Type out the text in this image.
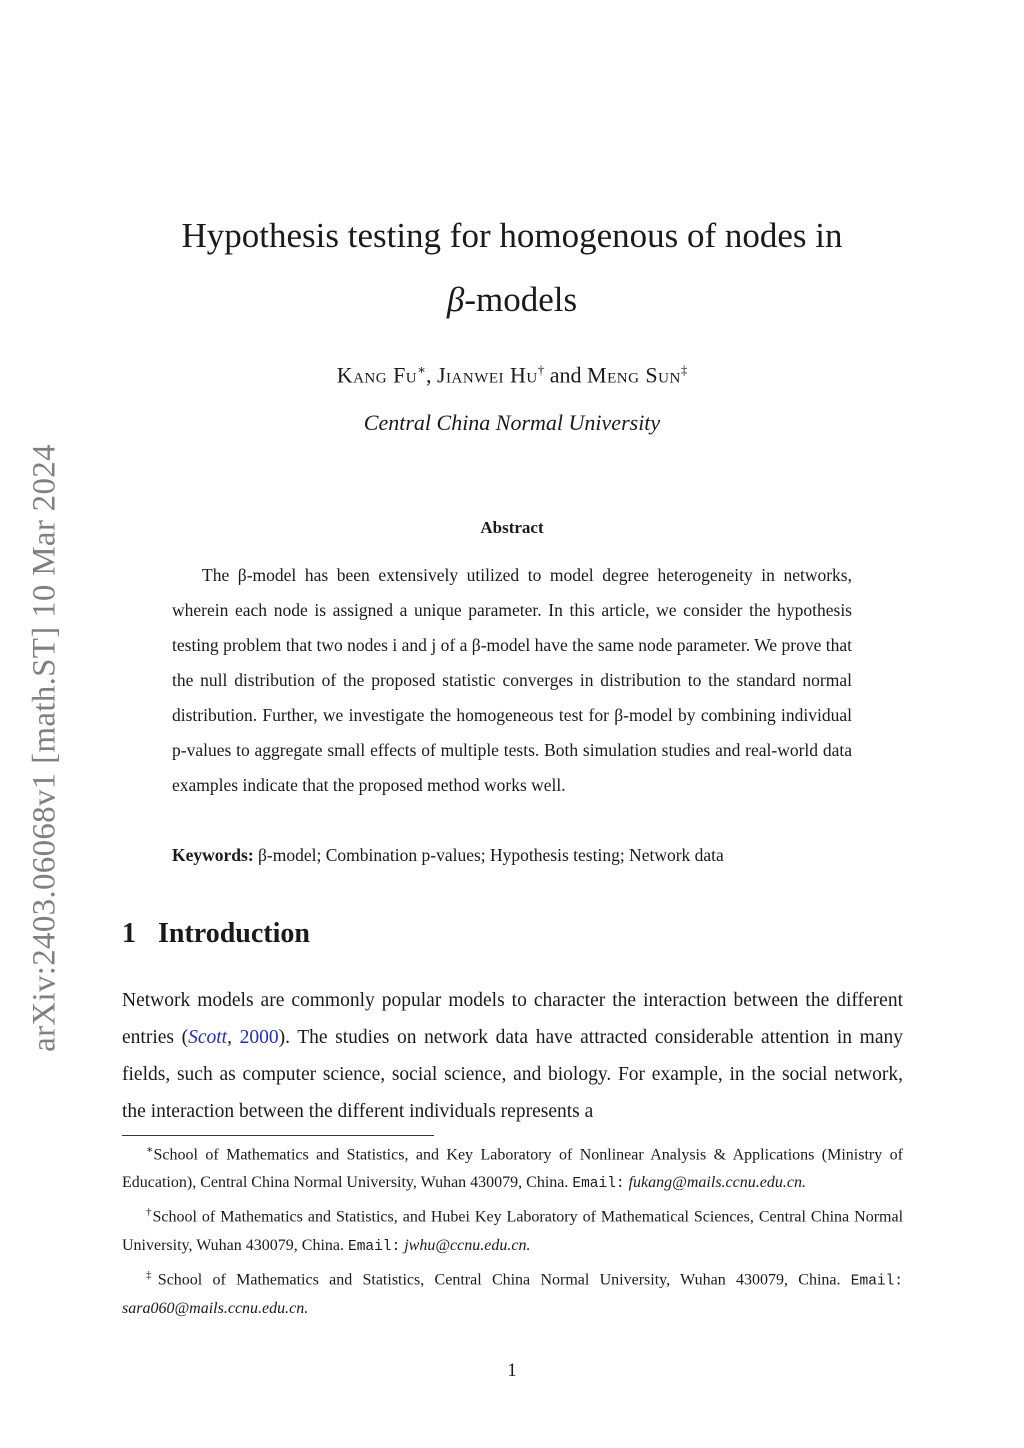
arXiv:2403.06068v1 [math.ST] 10 Mar 2024
Hypothesis testing for homogenous of nodes in
β-models
Kang Fu∗, Jianwei Hu† and Meng Sun‡
Central China Normal University
Abstract

The β-model has been extensively utilized to model degree heterogeneity in networks, wherein each node is assigned a unique parameter. In this article, we consider the hypothesis testing problem that two nodes i and j of a β-model have the same node parameter. We prove that the null distribution of the proposed statistic converges in distribution to the standard normal distribution. Further, we investigate the homogeneous test for β-model by combining individual p-values to aggregate small effects of multiple tests. Both simulation studies and real-world data examples indicate that the proposed method works well.

Keywords: β-model; Combination p-values; Hypothesis testing; Network data
1 Introduction

Network models are commonly popular models to character the interaction between the different entries (Scott, 2000). The studies on network data have attracted considerable attention in many fields, such as computer science, social science, and biology. For example, in the social network, the interaction between the different individuals represents a

∗School of Mathematics and Statistics, and Key Laboratory of Nonlinear Analysis & Applications (Ministry of Education), Central China Normal University, Wuhan 430079, China. Email: fukang@mails.ccnu.edu.cn.

†School of Mathematics and Statistics, and Hubei Key Laboratory of Mathematical Sciences, Central China Normal University, Wuhan 430079, China. Email: jwhu@ccnu.edu.cn.

‡School of Mathematics and Statistics, Central China Normal University, Wuhan 430079, China. Email: sara060@mails.ccnu.edu.cn.

1
